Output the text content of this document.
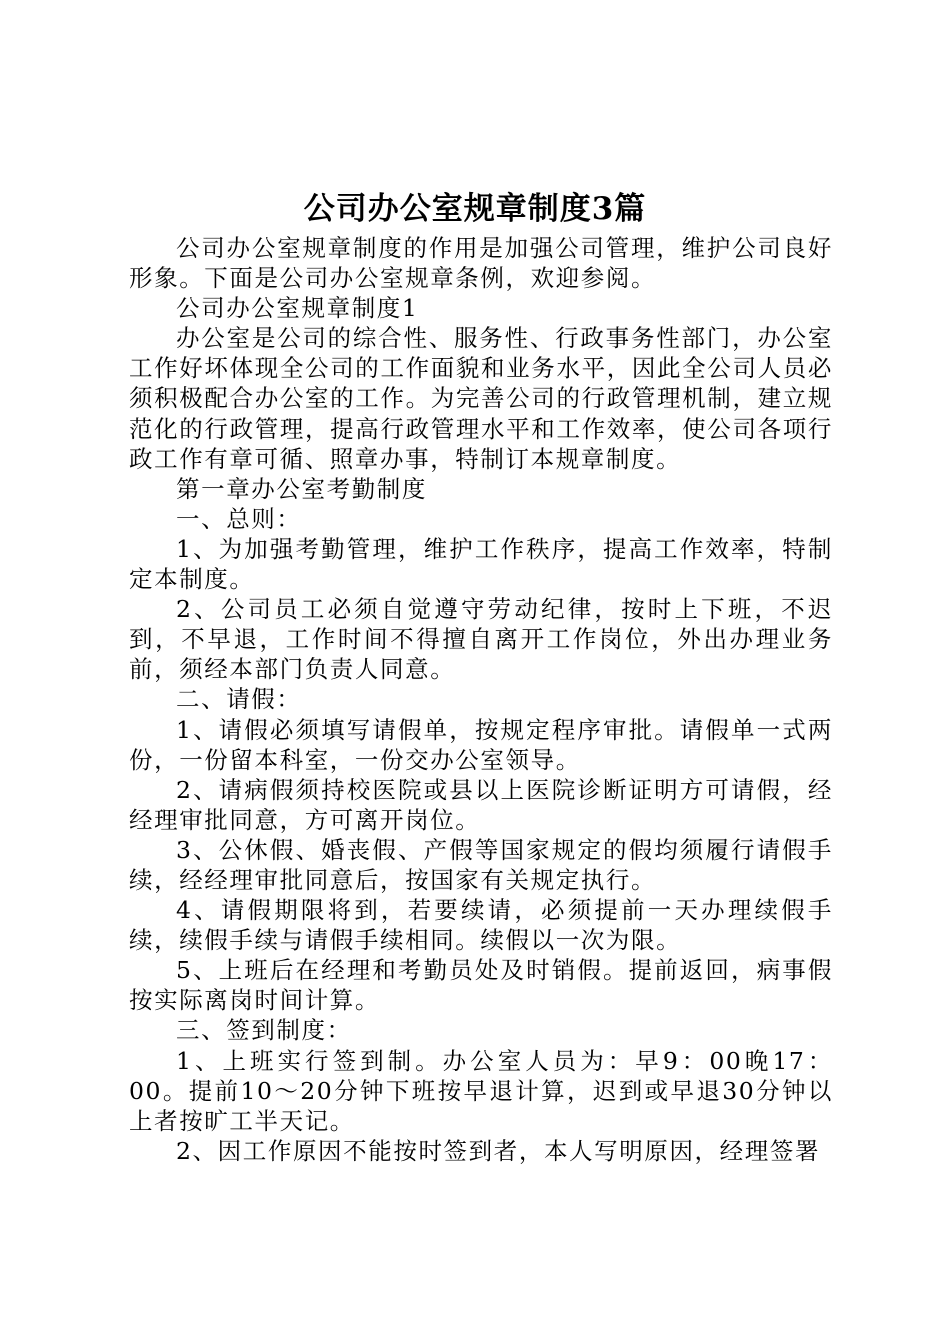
公司办公室规章制度3篇

公司办公室规章制度的作用是加强公司管理，维护公司良好形象。下面是公司办公室规章条例，欢迎参阅。

公司办公室规章制度1

办公室是公司的综合性、服务性、行政事务性部门，办公室工作好坏体现全公司的工作面貌和业务水平，因此全公司人员必须积极配合办公室的工作。为完善公司的行政管理机制，建立规范化的行政管理，提高行政管理水平和工作效率，使公司各项行政工作有章可循、照章办事，特制订本规章制度。

第一章办公室考勤制度

一、总则：

1、为加强考勤管理，维护工作秩序，提高工作效率，特制定本制度。

2、公司员工必须自觉遵守劳动纪律，按时上下班，不迟到，不早退，工作时间不得擅自离开工作岗位，外出办理业务前，须经本部门负责人同意。

二、请假：

1、请假必须填写请假单，按规定程序审批。请假单一式两份，一份留本科室，一份交办公室领导。

2、请病假须持校医院或县以上医院诊断证明方可请假，经经理审批同意，方可离开岗位。

3、公休假、婚丧假、产假等国家规定的假均须履行请假手续，经经理审批同意后，按国家有关规定执行。

4、请假期限将到，若要续请，必须提前一天办理续假手续，续假手续与请假手续相同。续假以一次为限。

5、上班后在经理和考勤员处及时销假。提前返回，病事假按实际离岗时间计算。

三、签到制度：

1、上班实行签到制。办公室人员为：早9：00晚17：00。提前10～20分钟下班按早退计算，迟到或早退30分钟以上者按旷工半天记。

2、因工作原因不能按时签到者，本人写明原因，经理签署
